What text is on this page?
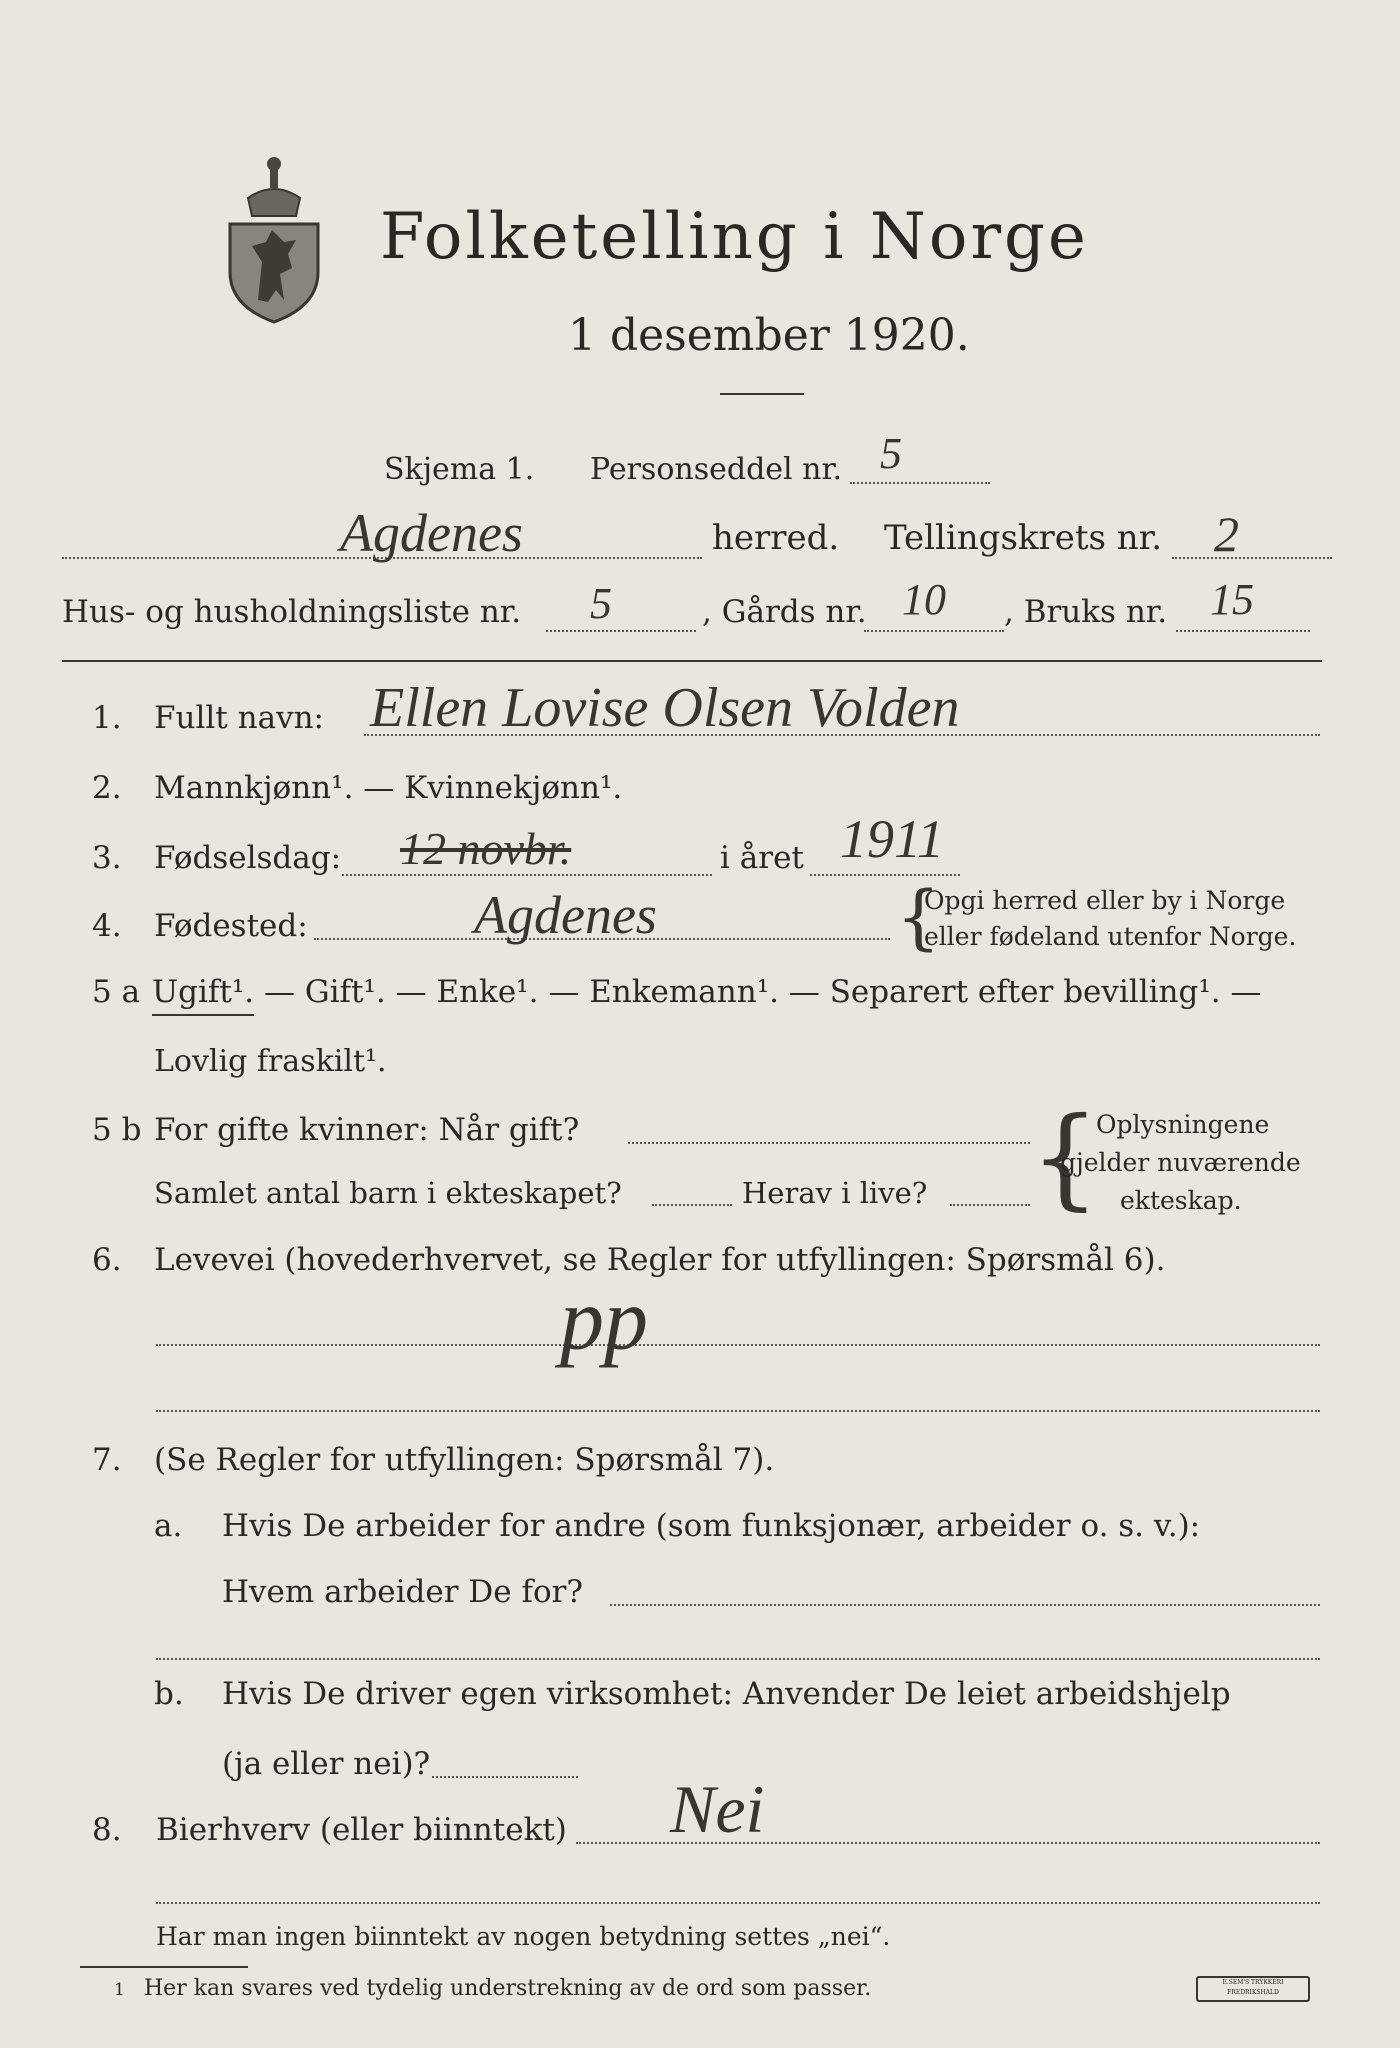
Folketelling i Norge
1 desember 1920.
Skjema 1. Personseddel nr. 5
Agdenes	herred. Tellingskrets nr. 2
Hus- og husholdningsliste nr. 5	, Gårds nr. 10 , Bruks nr. 15
1. Fullt navn: Ellen Lovise Olsen Volden
2. Mannkjønn¹. — Kvinnekjønn¹.
3. Fødselsdag: 12 novbr.	i året 1911
4. Fødested:	Agdenes	{
Opgi herred eller by i Norge
eller fødeland utenfor Norge.
5 a Ugift¹. — Gift¹. — Enke¹. — Enkemann¹. — Separert efter bevilling¹. —
Lovlig fraskilt¹.
5 b For gifte kvinner: Når gift?
Samlet antal barn i ekteskapet?	Herav i live? {
Oplysningene
gjelder nuværende
ekteskap.
6. Levevei (hovederhvervet, se Regler for utfyllingen: Spørsmål 6).
pp
7. (Se Regler for utfyllingen: Spørsmål 7).
a. Hvis De arbeider for andre (som funksjonær, arbeider o. s. v.):
Hvem arbeider De for?
b. Hvis De driver egen virksomhet: Anvender De leiet arbeidshjelp
(ja eller nei)?
8. Bierhverv (eller biinntekt) Nei
Har man ingen biinntekt av nogen betydning settes „nei“.
1 Her kan svares ved tydelig understrekning av de ord som passer.	E.SEM'S TRYKKERI FREDRIKSHALD
